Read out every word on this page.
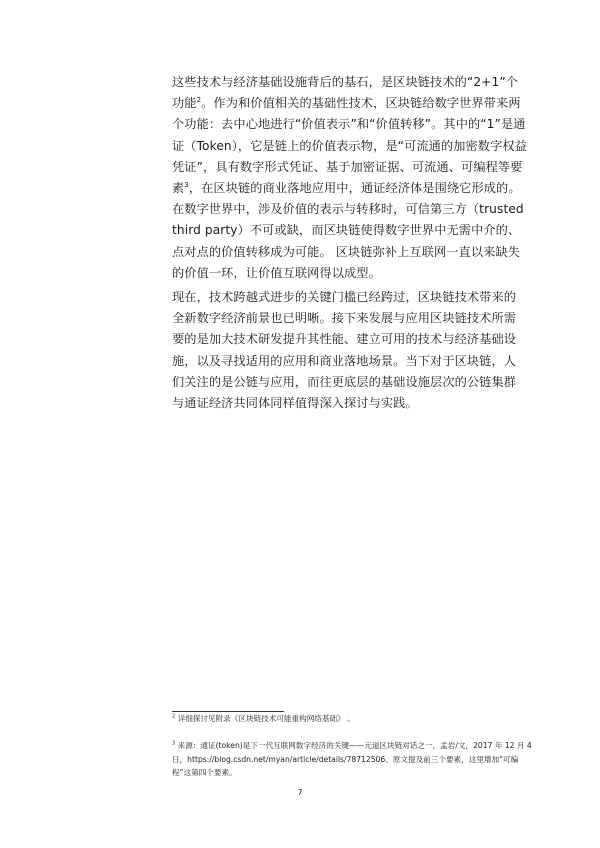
这些技术与经济基础设施背后的基石，是区块链技术的“2+1”个功能$^2$。作为和价值相关的基础性技术，区块链给数字世界带来两个功能：去中心地进行“价值表示”和“价值转移”。其中的“1”是通证（Token），它是链上的价值表示物，是“可流通的加密数字权益凭证”，具有数字形式凭证、基于加密证据、可流通、可编程等要素$^3$，在区块链的商业落地应用中，通证经济体是围绕它形成的。在数字世界中，涉及价值的表示与转移时，可信第三方（trusted third party）不可或缺，而区块链使得数字世界中无需中介的、点对点的价值转移成为可能。 区块链弥补上互联网一直以来缺失的价值一环，让价值互联网得以成型。

现在，技术跨越式进步的关键门槛已经跨过，区块链技术带来的全新数字经济前景也已明晰。接下来发展与应用区块链技术所需要的是加大技术研发提升其性能、建立可用的技术与经济基础设施，以及寻找适用的应用和商业落地场景。当下对于区块链，人们关注的是公链与应用，而往更底层的基础设施层次的公链集群与通证经济共同体同样值得深入探讨与实践。

$^2$ 详细探讨见附录《区块链技术可能重构网络基础》 。
$^3$ 来源：通证(token)是下一代互联网数字经济的关键——元道区块链对话之一，孟岩/文，2017 年 12 月 4 日，https://blog.csdn.net/myan/article/details/78712506。原文提及前三个要素，这里增加“可编程”这第四个要素。
7
